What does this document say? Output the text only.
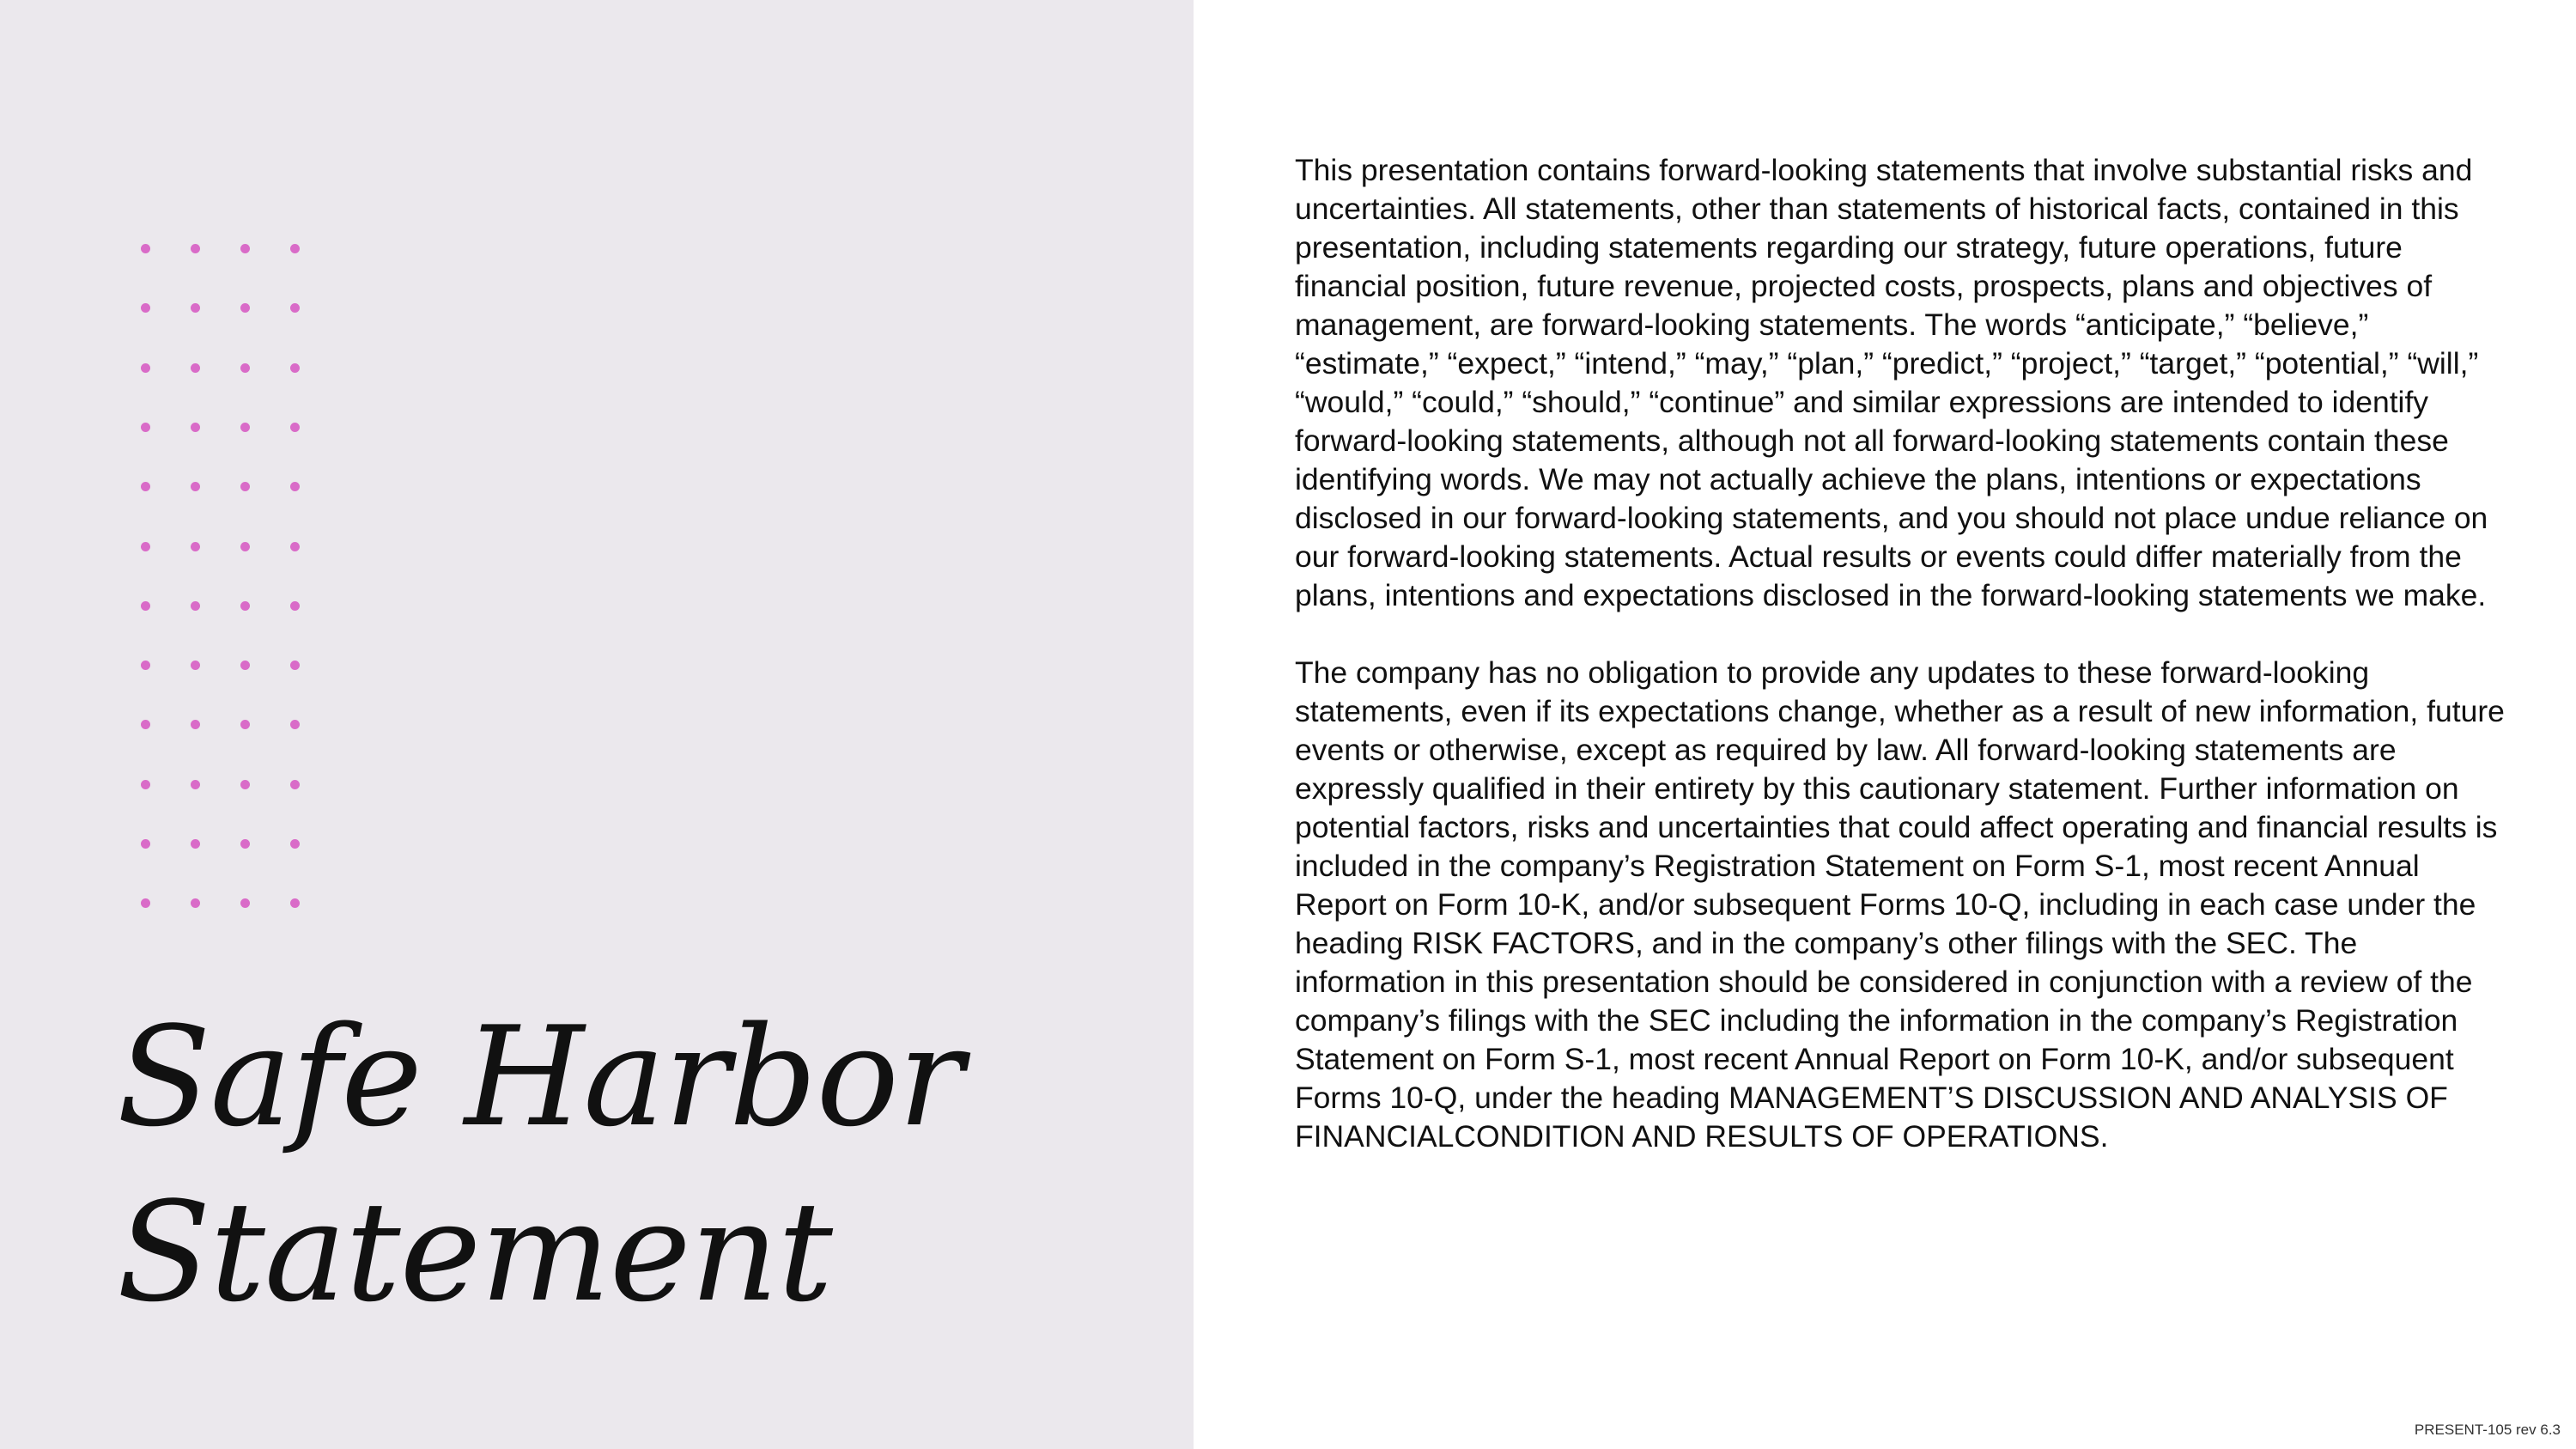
Safe Harbor
Statement

This presentation contains forward-looking statements that involve substantial risks and uncertainties. All statements, other than statements of historical facts, contained in this presentation, including statements regarding our strategy, future operations, future financial position, future revenue, projected costs, prospects, plans and objectives of management, are forward-looking statements. The words “anticipate,” “believe,” “estimate,” “expect,” “intend,” “may,” “plan,” “predict,” “project,” “target,” “potential,” “will,” “would,” “could,” “should,” “continue” and similar expressions are intended to identify forward-looking statements, although not all forward-looking statements contain these identifying words. We may not actually achieve the plans, intentions or expectations disclosed in our forward-looking statements, and you should not place undue reliance on our forward-looking statements. Actual results or events could differ materially from the plans, intentions and expectations disclosed in the forward-looking statements we make.

The company has no obligation to provide any updates to these forward-looking statements, even if its expectations change, whether as a result of new information, future events or otherwise, except as required by law. All forward-looking statements are expressly qualified in their entirety by this cautionary statement. Further information on potential factors, risks and uncertainties that could affect operating and financial results is included in the company’s Registration Statement on Form S-1, most recent Annual Report on Form 10-K, and/or subsequent Forms 10-Q, including in each case under the heading RISK FACTORS, and in the company’s other filings with the SEC. The information in this presentation should be considered in conjunction with a review of the company’s filings with the SEC including the information in the company’s Registration Statement on Form S-1, most recent Annual Report on Form 10-K, and/or subsequent Forms 10-Q, under the heading MANAGEMENT’S DISCUSSION AND ANALYSIS OF FINANCIALCONDITION AND RESULTS OF OPERATIONS.

PRESENT-105 rev 6.3
